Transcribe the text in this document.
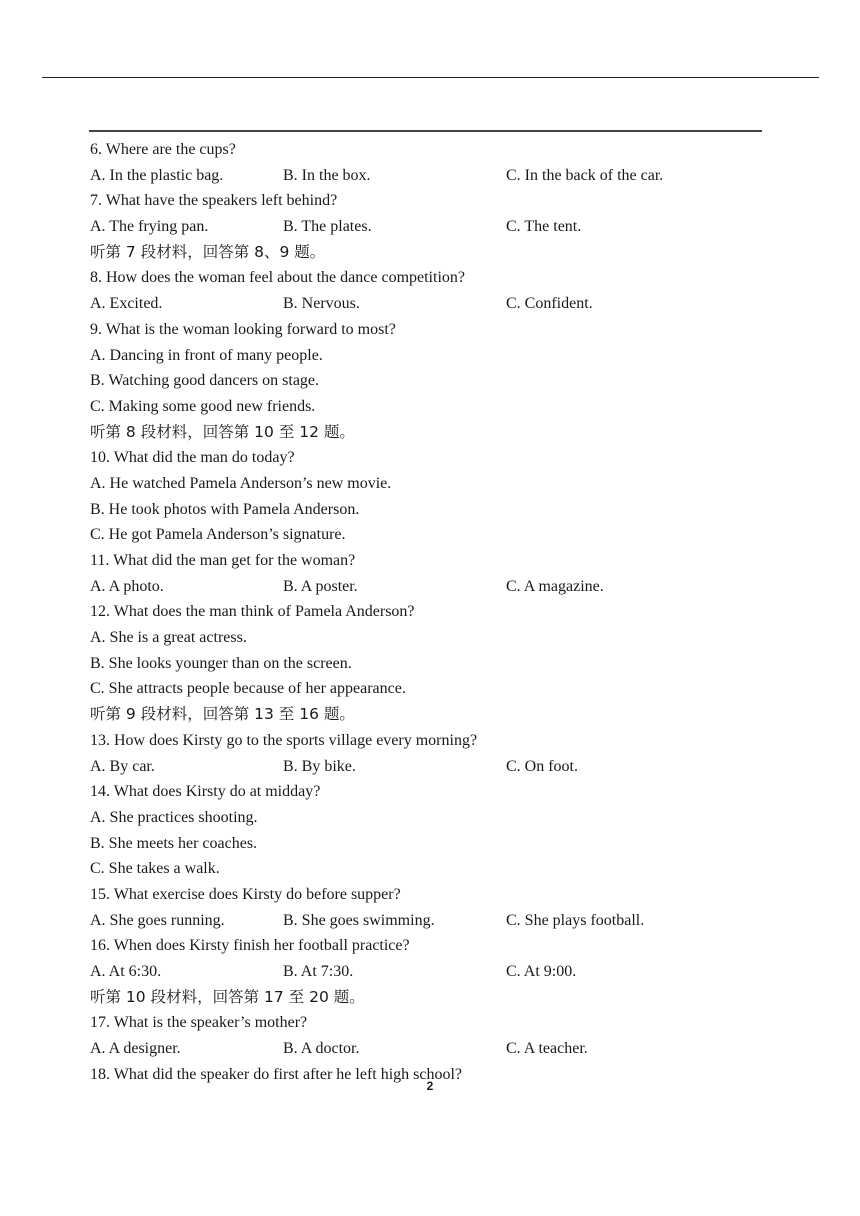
6. Where are the cups?
A. In the plastic bag.	B. In the box.	C. In the back of the car.
7. What have the speakers left behind?
A. The frying pan.	B. The plates.	C. The tent.
听第 7 段材料，回答第 8、9 题。
8. How does the woman feel about the dance competition?
A. Excited.	B. Nervous.	C. Confident.
9. What is the woman looking forward to most?
A. Dancing in front of many people.
B. Watching good dancers on stage.
C. Making some good new friends.
听第 8 段材料，回答第 10 至 12 题。
10. What did the man do today?
A. He watched Pamela Anderson’s new movie.
B. He took photos with Pamela Anderson.
C. He got Pamela Anderson’s signature.
11. What did the man get for the woman?
A. A photo.	B. A poster.	C. A magazine.
12. What does the man think of Pamela Anderson?
A. She is a great actress.
B. She looks younger than on the screen.
C. She attracts people because of her appearance.
听第 9 段材料，回答第 13 至 16 题。
13. How does Kirsty go to the sports village every morning?
A. By car.	B. By bike.	C. On foot.
14. What does Kirsty do at midday?
A. She practices shooting.
B. She meets her coaches.
C. She takes a walk.
15. What exercise does Kirsty do before supper?
A. She goes running.	B. She goes swimming.	C. She plays football.
16. When does Kirsty finish her football practice?
A. At 6:30.	B. At 7:30.	C. At 9:00.
听第 10 段材料，回答第 17 至 20 题。
17. What is the speaker’s mother?
A. A designer.	B. A doctor.	C. A teacher.
18. What did the speaker do first after he left high school?
2
